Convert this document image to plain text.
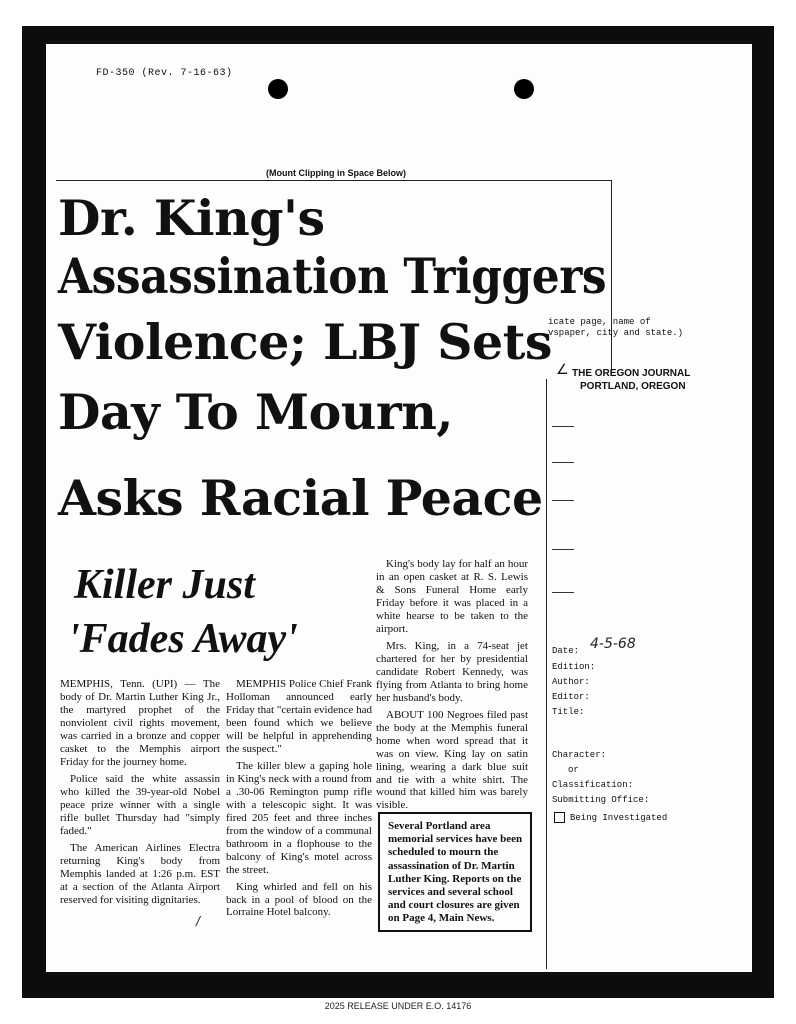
FD-350 (Rev. 7-16-63)
(Mount Clipping in Space Below)
Dr. King's
Assassination Triggers
Violence; LBJ Sets
Day To Mourn,
Asks Racial Peace
Killer Just
'Fades Away'

MEMPHIS, Tenn. (UPI) — The body of Dr. Martin Luther King Jr., the martyred prophet of the nonviolent civil rights movement, was carried in a bronze and copper casket to the Memphis airport Friday for the journey home.

Police said the white assassin who killed the 39-year-old Nobel peace prize winner with a single rifle bullet Thursday had "simply faded."

The American Airlines Electra returning King's body from Memphis landed at 1:26 p.m. EST at a section of the Atlanta Airport reserved for visiting dignitaries.

MEMPHIS Police Chief Frank Holloman announced early Friday that "certain evidence had been found which we believe will be helpful in apprehending the suspect."

The killer blew a gaping hole in King's neck with a round from a .30-06 Remington pump rifle with a telescopic sight. It was fired 205 feet and three inches from the window of a communal bathroom in a flophouse to the balcony of King's motel across the street.

King whirled and fell on his back in a pool of blood on the Lorraine Hotel balcony.

King's body lay for half an hour in an open casket at R. S. Lewis & Sons Funeral Home early Friday before it was placed in a white hearse to be taken to the airport.

Mrs. King, in a 74-seat jet chartered for her by presidential candidate Robert Kennedy, was flying from Atlanta to bring home her husband's body.

ABOUT 100 Negroes filed past the body at the Memphis funeral home when word spread that it was on view. King lay on satin lining, wearing a dark blue suit and tie with a white shirt. The wound that killed him was barely visible.

Several Portland area memorial services have been scheduled to mourn the assassination of Dr. Martin Luther King. Reports on the services and several school and court closures are given on Page 4, Main News.
icate page, name of
vspaper, city and state.)
∠ THE OREGON JOURNAL
PORTLAND, OREGON
Date: 4-5-68
Edition:
Author:
Editor:
Title:
Character:
or
Classification:
Submitting Office:
Being Investigated
/
2025 RELEASE UNDER E.O. 14176
